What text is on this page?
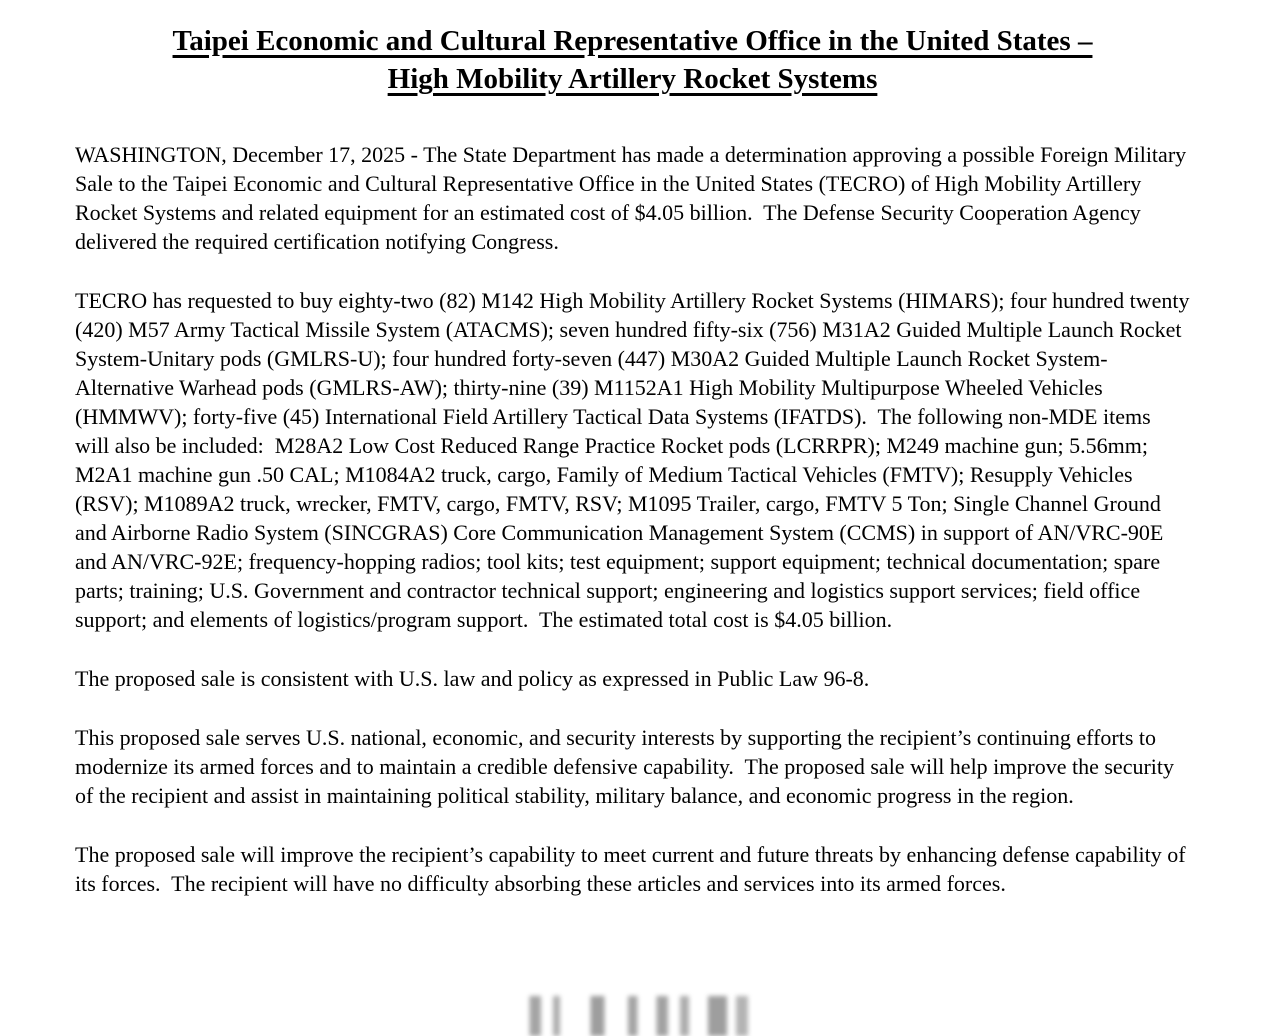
Taipei Economic and Cultural Representative Office in the United States –
High Mobility Artillery Rocket Systems

WASHINGTON, December 17, 2025 - The State Department has made a determination approving a possible Foreign Military Sale to the Taipei Economic and Cultural Representative Office in the United States (TECRO) of High Mobility Artillery Rocket Systems and related equipment for an estimated cost of $4.05 billion.  The Defense Security Cooperation Agency delivered the required certification notifying Congress.

TECRO has requested to buy eighty-two (82) M142 High Mobility Artillery Rocket Systems (HIMARS); four hundred twenty (420) M57 Army Tactical Missile System (ATACMS); seven hundred fifty-six (756) M31A2 Guided Multiple Launch Rocket System-Unitary pods (GMLRS-U); four hundred forty-seven (447) M30A2 Guided Multiple Launch Rocket System-Alternative Warhead pods (GMLRS-AW); thirty-nine (39) M1152A1 High Mobility Multipurpose Wheeled Vehicles (HMMWV); forty-five (45) International Field Artillery Tactical Data Systems (IFATDS).  The following non-MDE items will also be included:  M28A2 Low Cost Reduced Range Practice Rocket pods (LCRRPR); M249 machine gun; 5.56mm; M2A1 machine gun .50 CAL; M1084A2 truck, cargo, Family of Medium Tactical Vehicles (FMTV); Resupply Vehicles (RSV); M1089A2 truck, wrecker, FMTV, cargo, FMTV, RSV; M1095 Trailer, cargo, FMTV 5 Ton; Single Channel Ground and Airborne Radio System (SINCGRAS) Core Communication Management System (CCMS) in support of AN/VRC-90E and AN/VRC-92E; frequency-hopping radios; tool kits; test equipment; support equipment; technical documentation; spare parts; training; U.S. Government and contractor technical support; engineering and logistics support services; field office support; and elements of logistics/program support.  The estimated total cost is $4.05 billion.

The proposed sale is consistent with U.S. law and policy as expressed in Public Law 96-8.

This proposed sale serves U.S. national, economic, and security interests by supporting the recipient’s continuing efforts to modernize its armed forces and to maintain a credible defensive capability.  The proposed sale will help improve the security of the recipient and assist in maintaining political stability, military balance, and economic progress in the region.

The proposed sale will improve the recipient’s capability to meet current and future threats by enhancing defense capability of its forces.  The recipient will have no difficulty absorbing these articles and services into its armed forces.
